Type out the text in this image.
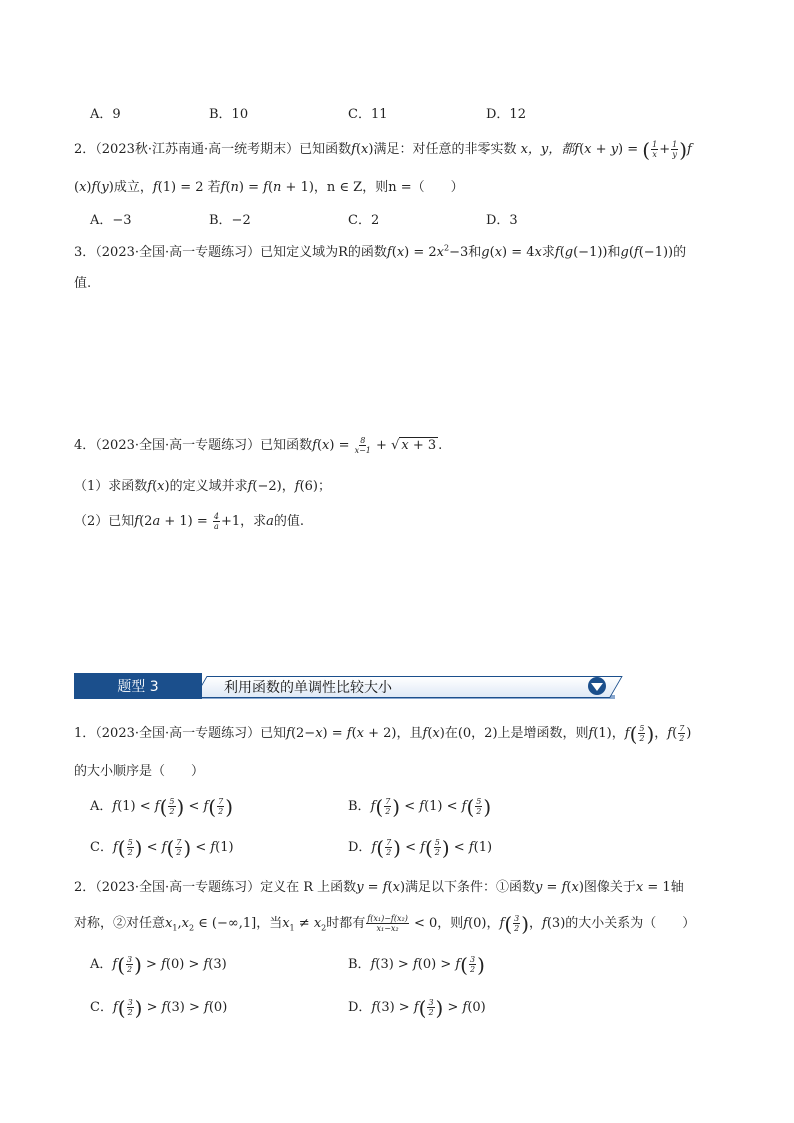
A．9	B．10	C．11	D．12
2．（2023秋·江苏南通·高一统考期末）已知函数f(x)满足：对任意的非零实数 x，y，都f(x + y) = ( $\frac{1}{x} + \frac{1}{y}$ ) f
(x)f(y)成立，f(1) = 2 若f(n) = f(n + 1)，n ∈ Z，则n =（　　）
A．−3	B．−2	C．2	D．3
3．（2023·全国·高一专题练习）已知定义域为R的函数$f(x) = 2x^2-3$和g(x) = 4x求f(g(−1))和g(f(−1))的
值.
4．（2023·全国·高一专题练习）已知函数$f(x) = \frac{8}{x-1}$ + √ x + 3 .
（1）求函数f(x)的定义域并求f(−2)，f(6)；
（2）已知$f(2a + 1) = \frac{4}{a} +1$，求a的值.
题型 3	利用函数的单调性比较大小
1．（2023·全国·高一专题练习）已知f(2−x) = f(x + 2)，且f(x)在(0，2)上是增函数，则f(1)，f ( $\frac{5}{2}$ ) ，$f( \frac{7}{2}$ )
的大小顺序是（　　）
A．f(1) < f ( $\frac{5}{2}$ ) < f ( $\frac{7}{2}$ )	B．f ( $\frac{7}{2}$ ) < f(1) < f ( $\frac{5}{2}$ )
C．f ( $\frac{5}{2}$ ) < f ( $\frac{7}{2}$ ) < f(1)	D．f ( $\frac{7}{2}$ ) < f ( $\frac{5}{2}$ ) < f(1)
2．（2023·全国·高一专题练习）定义在 R 上函数y = f(x)满足以下条件：①函数y = f(x)图像关于x = 1轴
对称，②对任意$x_1,x_2$ ∈ (−∞,1]，当$x_1 \ne x_2$时都有 $\frac{\text{f(x₁)−f(x₂)}}{\text{x₁−x₂}} < 0$，则f(0)，f ( $\frac{3}{2}$ ) ，f(3)的大小关系为（　　）
A．f ( $\frac{3}{2}$ ) > f(0) > f(3)	B．f(3) > f(0) > f ( $\frac{3}{2}$ )
C．f ( $\frac{3}{2}$ ) > f(3) > f(0)	D．f(3) > f ( $\frac{3}{2}$ ) > f(0)
